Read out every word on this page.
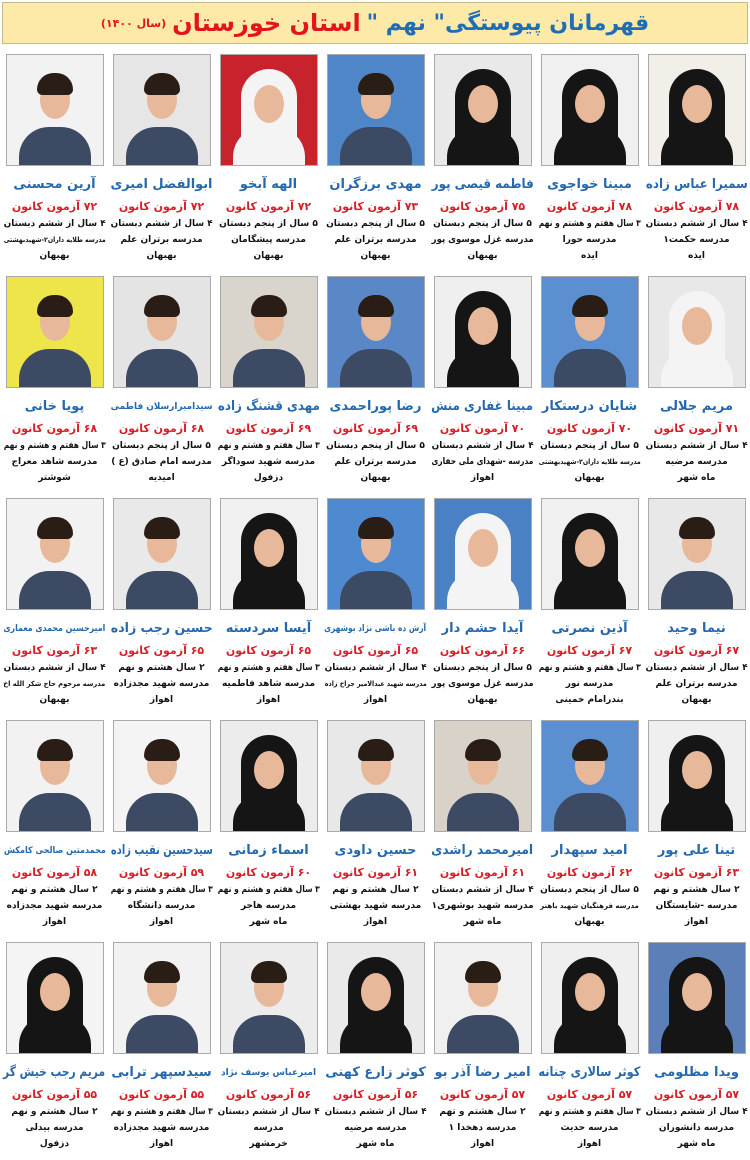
قهرمانان پیوستگی" نهم "
استان خوزستان
(سال ۱۴۰۰)
سمیرا عباس زاده
۷۸ آزمون کانون
۴ سال از ششم دبستان
مدرسه حکمت۱
ایذه
مبینا خواجوی
۷۸ آزمون کانون
۳ سال هفتم و هشتم و نهم
مدرسه حورا
ایذه
فاطمه قیصی پور
۷۵ آزمون کانون
۵ سال از پنجم دبستان
مدرسه غزل موسوی پور
بهبهان
مهدی برزگران
۷۳ آزمون کانون
۵ سال از پنجم دبستان
مدرسه برتران علم
بهبهان
الهه آبخو
۷۲ آزمون کانون
۵ سال از پنجم دبستان
مدرسه پیشگامان
بهبهان
ابوالفضل امیری
۷۲ آزمون کانون
۴ سال از ششم دبستان
مدرسه برتران علم
بهبهان
آرین محسنی
۷۲ آزمون کانون
۴ سال از ششم دبستان
مدرسه طلایه داران۲-شهیدبهشتی
بهبهان
مریم جلالی
۷۱ آزمون کانون
۴ سال از ششم دبستان
مدرسه مرضیه
ماه شهر
شایان درستکار
۷۰ آزمون کانون
۵ سال از پنجم دبستان
مدرسه طلایه داران۲-شهیدبهشتی
بهبهان
مبینا غفاری منش
۷۰ آزمون کانون
۴ سال از ششم دبستان
مدرسه -شهدای ملی حفاری
اهواز
رضا پوراحمدی
۶۹ آزمون کانون
۵ سال از پنجم دبستان
مدرسه برتران علم
بهبهان
مهدی قشنگ زاده
۶۹ آزمون کانون
۳ سال هفتم و هشتم و نهم
مدرسه شهید سوداگر
دزفول
سیدامیرارسلان فاطمی
۶۸ آزمون کانون
۵ سال از پنجم دبستان
مدرسه امام صادق (ع )
امیدیه
پویا خانی
۶۸ آزمون کانون
۳ سال هفتم و هشتم و نهم
مدرسه شاهد معراج
شوشتر
نیما وحید
۶۷ آزمون کانون
۴ سال از ششم دبستان
مدرسه برتران علم
بهبهان
آذین نصرتی
۶۷ آزمون کانون
۳ سال هفتم و هشتم و نهم
مدرسه نور
بندرامام خمینی
آیدا حشم دار
۶۶ آزمون کانون
۵ سال از پنجم دبستان
مدرسه غزل موسوی پور
بهبهان
آرش ده باشی نژاد بوشهری
۶۵ آزمون کانون
۴ سال از ششم دبستان
مدرسه شهید عبدالامیر جراح زاده
اهواز
آیسا سردسته
۶۵ آزمون کانون
۳ سال هفتم و هشتم و نهم
مدرسه شاهد فاطمیه
اهواز
حسین رجب زاده
۶۵ آزمون کانون
۲ سال هشتم و نهم
مدرسه شهید مجدزاده
اهواز
امیرحسین محمدی معماری
۶۳ آزمون کانون
۴ سال از ششم دبستان
مدرسه مرحوم حاج شکر الله اخ
بهبهان
تینا علی پور
۶۳ آزمون کانون
۲ سال هشتم و نهم
مدرسه -شایستگان
اهواز
امید سپهدار
۶۲ آزمون کانون
۵ سال از پنجم دبستان
مدرسه فرهنگیان شهید باهنر
بهبهان
امیرمحمد راشدی
۶۱ آزمون کانون
۴ سال از ششم دبستان
مدرسه شهید بوشهری۱
ماه شهر
حسین داودی
۶۱ آزمون کانون
۲ سال هشتم و نهم
مدرسه شهید بهشتی
اهواز
اسماء زمانی
۶۰ آزمون کانون
۳ سال هفتم و هشتم و نهم
مدرسه هاجر
ماه شهر
سیدحسین نقیب زاده
۵۹ آزمون کانون
۳ سال هفتم و هشتم و نهم
مدرسه دانشگاه
اهواز
محمدمتین صالحی کامکش
۵۸ آزمون کانون
۲ سال هشتم و نهم
مدرسه شهید مجدزاده
اهواز
ویدا مظلومی
۵۷ آزمون کانون
۴ سال از ششم دبستان
مدرسه دانشوران
ماه شهر
کوثر سالاری چنانه
۵۷ آزمون کانون
۳ سال هفتم و هشتم و نهم
مدرسه حدیث
اهواز
امیر رضا آذر بو
۵۷ آزمون کانون
۲ سال هشتم و تهم
مدرسه دهخدا ۱
اهواز
کوثر زارع کهنی
۵۶ آزمون کانون
۴ سال از ششم دبستان
مدرسه مرضیه
ماه شهر
امیرعباس یوسف نژاد
۵۶ آزمون کانون
۴ سال از ششم دبستان
مدرسه
خرمشهر
سیدسپهر ترابی
۵۵ آزمون کانون
۳ سال هفتم و هشتم و نهم
مدرسه شهید مجدزاده
اهواز
مریم رجب خیش گر
۵۵ آزمون کانون
۲ سال هشتم و نهم
مدرسه بیدلی
دزفول
